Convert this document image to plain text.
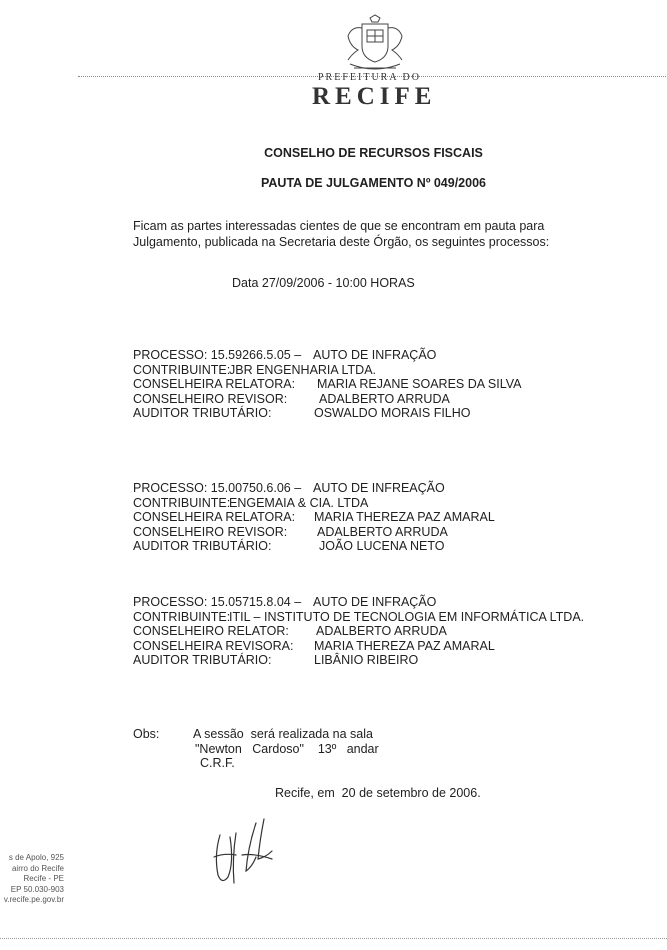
PREFEITURA DO
RECIFE
CONSELHO DE RECURSOS FISCAIS
PAUTA DE JULGAMENTO Nº 049/2006
Ficam as partes interessadas cientes de que se encontram em pauta para
Julgamento, publicada na Secretaria deste Órgão, os seguintes processos:
Data 27/09/2006 - 10:00 HORAS
PROCESSO: 15.59266.5.05 – AUTO DE INFRAÇÃO
CONTRIBUINTE:
JBR ENGENHARIA LTDA.
CONSELHEIRA RELATORA: MARIA REJANE SOARES DA SILVA
CONSELHEIRO REVISOR:	ADALBERTO ARRUDA
AUDITOR TRIBUTÁRIO:	OSWALDO MORAIS FILHO
PROCESSO: 15.00750.6.06 – AUTO DE INFREAÇÃO
CONTRIBUINTE:
ENGEMAIA & CIA. LTDA
CONSELHEIRA RELATORA: MARIA THEREZA PAZ AMARAL
CONSELHEIRO REVISOR: ADALBERTO ARRUDA
AUDITOR TRIBUTÁRIO:	JOÃO LUCENA NETO
PROCESSO: 15.05715.8.04 – AUTO DE INFRAÇÃO
CONTRIBUINTE:
ITIL – INSTITUTO DE TECNOLOGIA EM INFORMÁTICA LTDA.
CONSELHEIRO RELATOR: ADALBERTO ARRUDA
CONSELHEIRA REVISORA: MARIA THEREZA PAZ AMARAL
AUDITOR TRIBUTÁRIO:	LIBÂNIO RIBEIRO
Obs:	A sessão  será realizada na sala
"Newton   Cardoso"    13º   andar
C.R.F.
Recife, em  20 de setembro de 2006.
s de Apolo, 925
airro do Recife
Recife - PE
EP 50.030-903
v.recife.pe.gov.br
